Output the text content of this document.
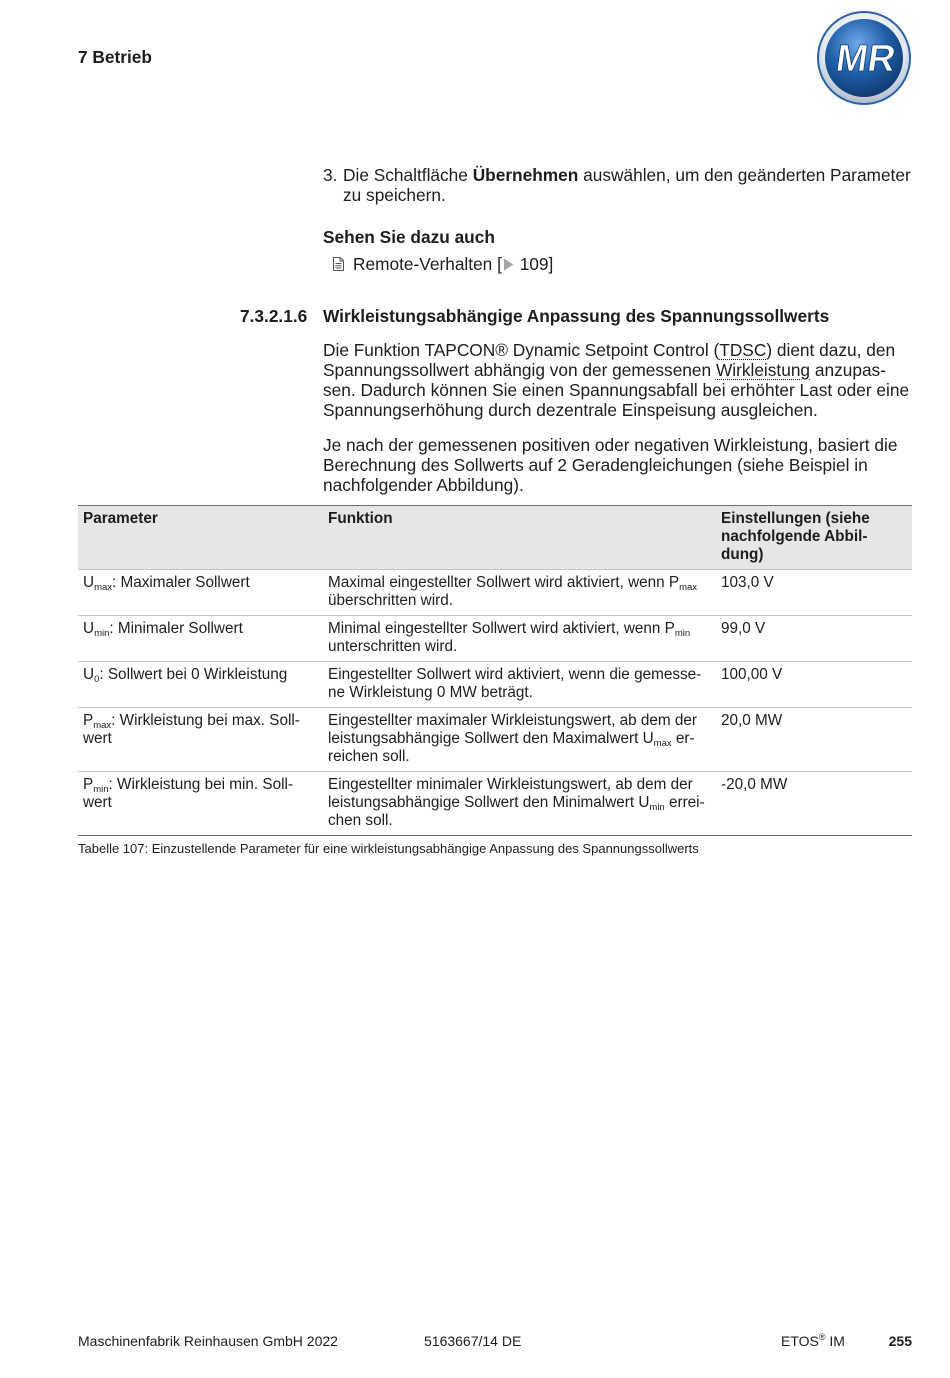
7 Betrieb	MR
3. Die Schaltfläche Übernehmen auswählen, um den geänderten Parameter
zu speichern.
Sehen Sie dazu auch
Remote-Verhalten [ 109]
7.3.2.1.6 Wirkleistungsabhängige Anpassung des Spannungssollwerts
Die Funktion TAPCON® Dynamic Setpoint Control (TDSC) dient dazu, den
Spannungssollwert abhängig von der gemessenen Wirkleistung anzupas-
sen. Dadurch können Sie einen Spannungsabfall bei erhöhter Last oder eine
Spannungserhöhung durch dezentrale Einspeisung ausgleichen.
Je nach der gemessenen positiven oder negativen Wirkleistung, basiert die
Berechnung des Sollwerts auf 2 Geradengleichungen (siehe Beispiel in
nachfolgender Abbildung).
Parameter	Funktion	Einstellungen (siehe
nachfolgende Abbil-
dung)

$U_{max}$: Maximaler Sollwert	Maximal eingestellter Sollwert wird aktiviert, wenn $P_{max}$
überschritten wird.	103,0 V

$U_{min}$: Minimaler Sollwert	Minimal eingestellter Sollwert wird aktiviert, wenn $P_{min}$
unterschritten wird.	99,0 V

$U_0$: Sollwert bei 0 Wirkleistung	Eingestellter Sollwert wird aktiviert, wenn die gemesse-
ne Wirkleistung 0 MW beträgt.	100,00 V

$P_{max}$: Wirkleistung bei max. Soll-
wert	Eingestellter maximaler Wirkleistungswert, ab dem der
leistungsabhängige Sollwert den Maximalwert $U_{max}$ er-
reichen soll.	20,0 MW

$P_{min}$: Wirkleistung bei min. Soll-
wert	Eingestellter minimaler Wirkleistungswert, ab dem der
leistungsabhängige Sollwert den Minimalwert $U_{min}$ errei-
chen soll.	-20,0 MW
Tabelle 107: Einzustellende Parameter für eine wirkleistungsabhängige Anpassung des Spannungssollwerts
Maschinenfabrik Reinhausen GmbH 2022	5163667/14 DE	ETOS® IM	255
